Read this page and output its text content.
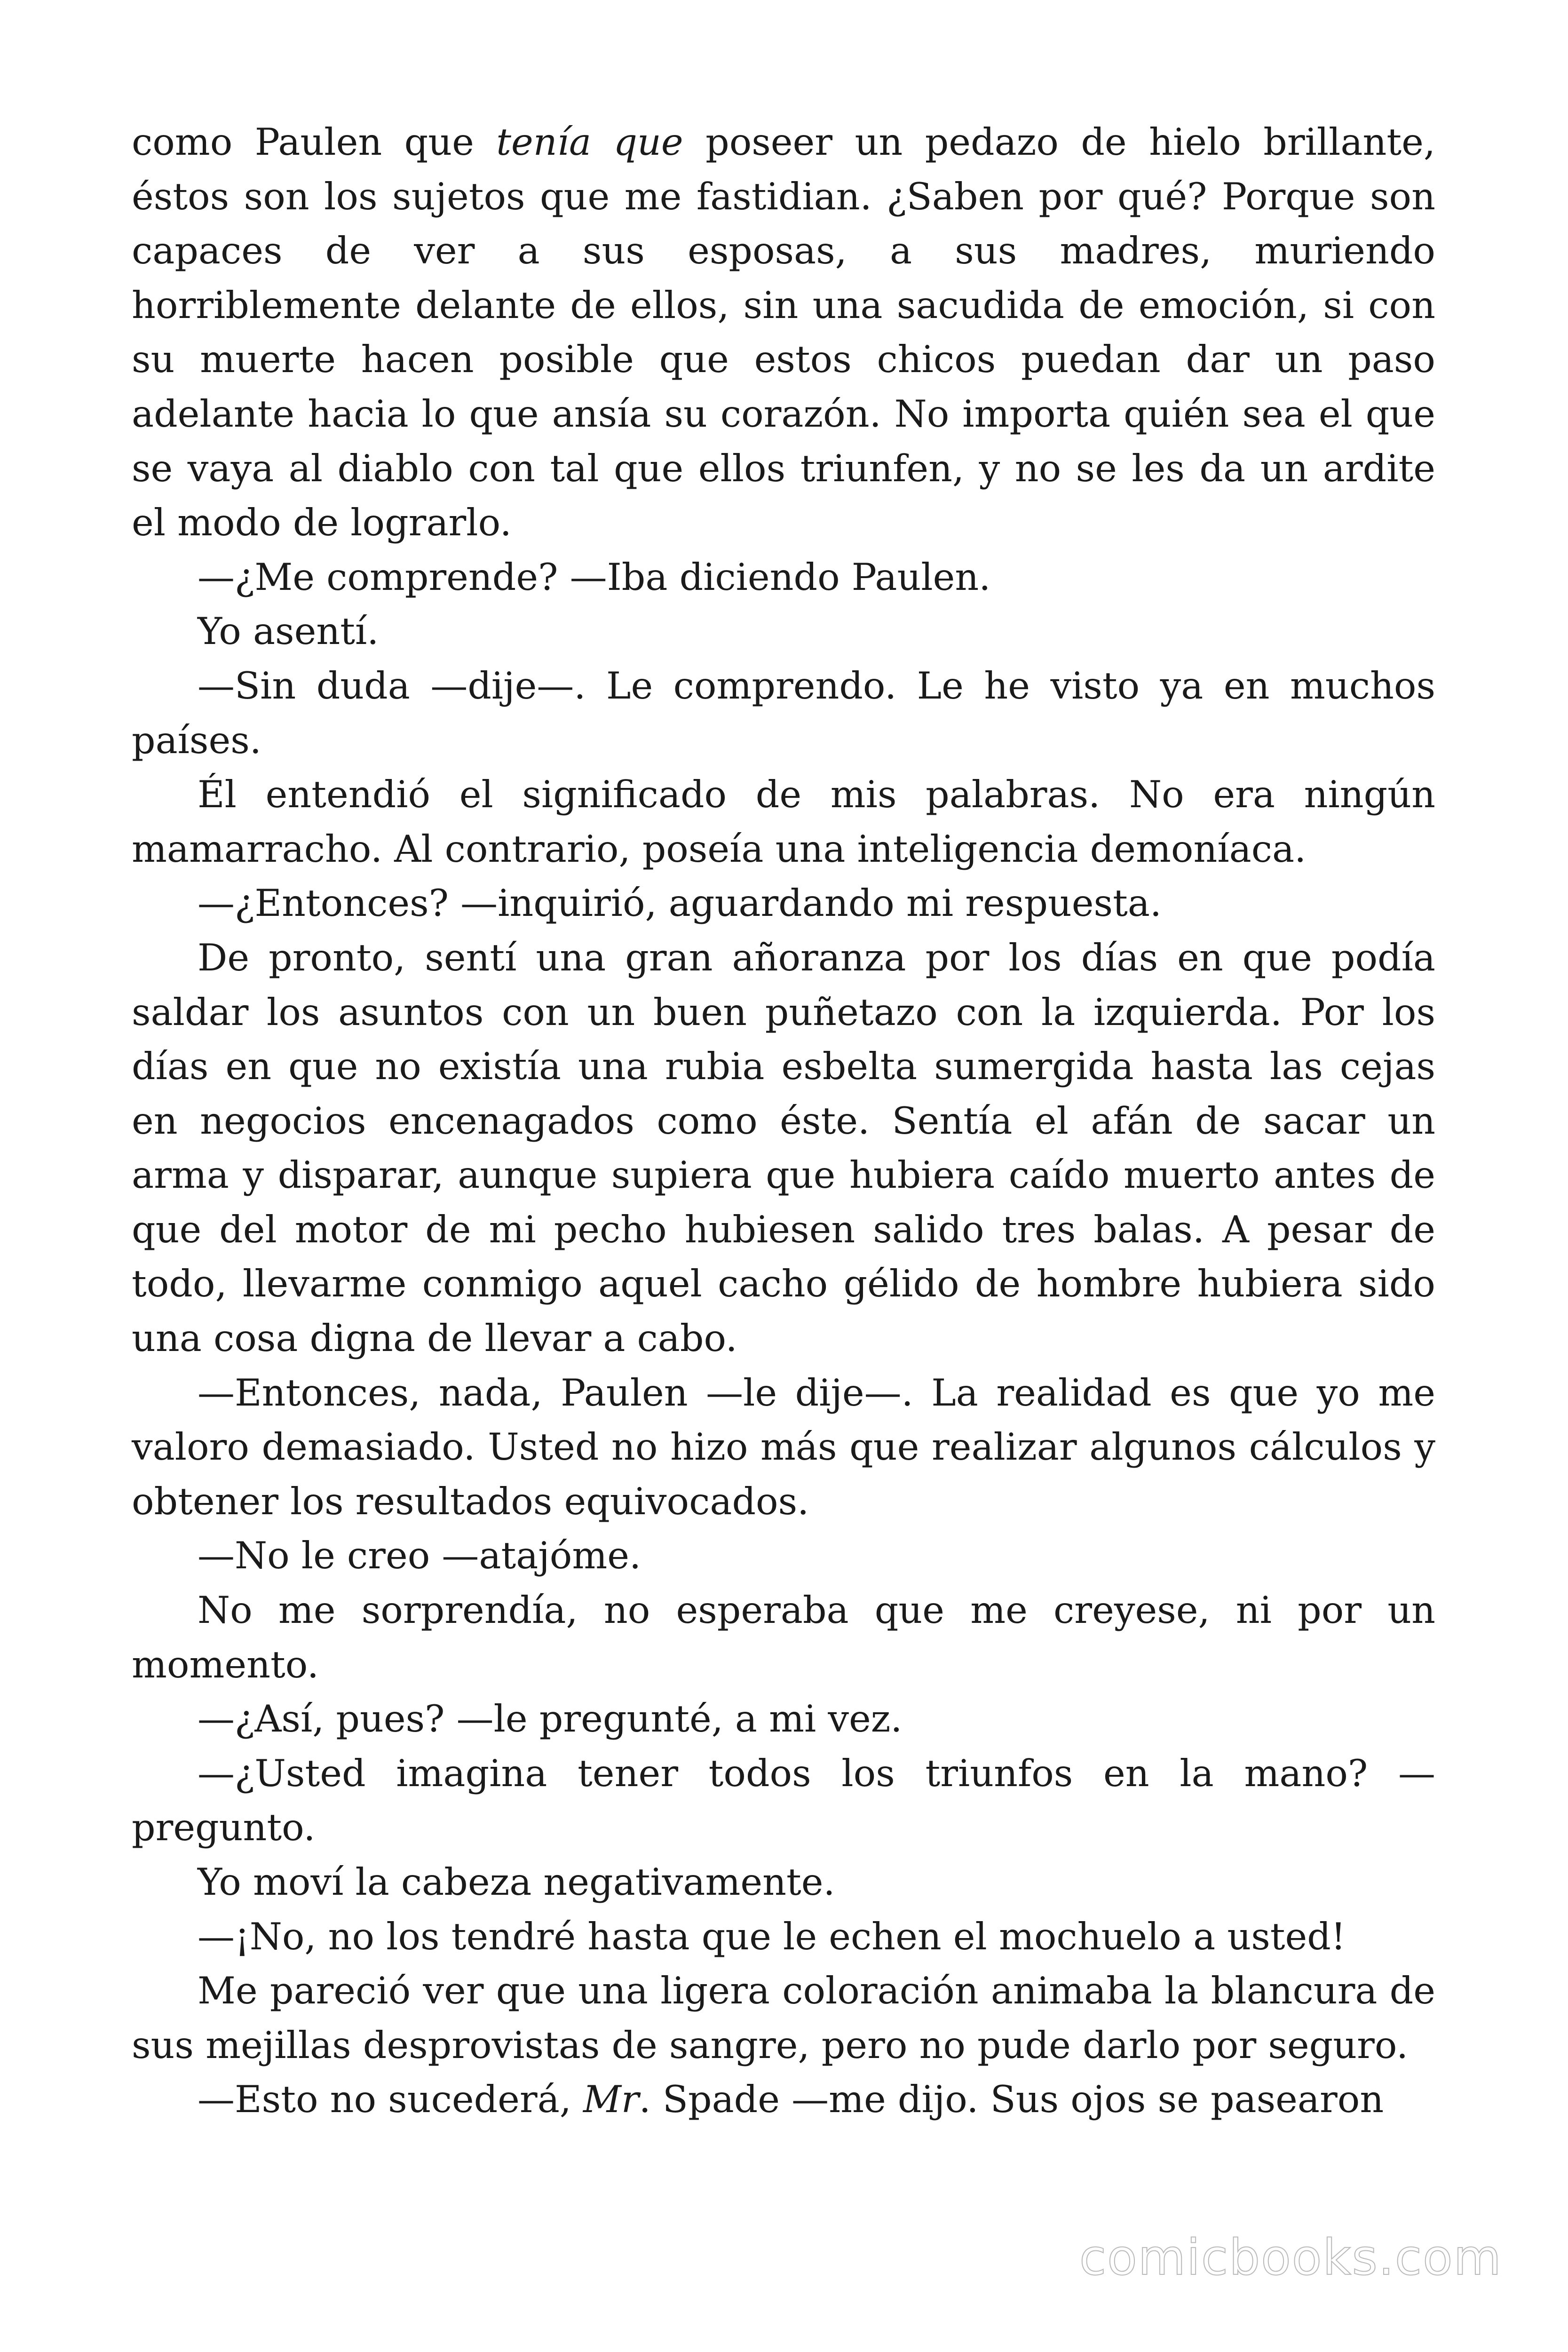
como Paulen que tenía que poseer un pedazo de hielo brillante, éstos son los sujetos que me fastidian. ¿Saben por qué? Porque son capaces de ver a sus esposas, a sus madres, muriendo horriblemente delante de ellos, sin una sacudida de emoción, si con su muerte hacen posible que estos chicos puedan dar un paso adelante hacia lo que ansía su corazón. No importa quién sea el que se vaya al diablo con tal que ellos triunfen, y no se les da un ardite el modo de lograrlo.

—¿Me comprende? —Iba diciendo Paulen.

Yo asentí.

—Sin duda —dije—. Le comprendo. Le he visto ya en muchos países.

Él entendió el significado de mis palabras. No era ningún mamarracho. Al contrario, poseía una inteligencia demoníaca.

—¿Entonces? —inquirió, aguardando mi respuesta.

De pronto, sentí una gran añoranza por los días en que podía saldar los asuntos con un buen puñetazo con la izquierda. Por los días en que no existía una rubia esbelta sumergida hasta las cejas en negocios encenagados como éste. Sentía el afán de sacar un arma y disparar, aunque supiera que hubiera caído muerto antes de que del motor de mi pecho hubiesen salido tres balas. A pesar de todo, llevarme conmigo aquel cacho gélido de hombre hubiera sido una cosa digna de llevar a cabo.

—Entonces, nada, Paulen —le dije—. La realidad es que yo me valoro demasiado. Usted no hizo más que realizar algunos cálculos y obtener los resultados equivocados.

—No le creo —atajóme.

No me sorprendía, no esperaba que me creyese, ni por un momento.

—¿Así, pues? —le pregunté, a mi vez.

—¿Usted imagina tener todos los triunfos en la mano? —pregunto.

Yo moví la cabeza negativamente.

—¡No, no los tendré hasta que le echen el mochuelo a usted!

Me pareció ver que una ligera coloración animaba la blancura de sus mejillas desprovistas de sangre, pero no pude darlo por seguro.

—Esto no sucederá, Mr. Spade —me dijo. Sus ojos se pasearon

comicbooks.com
